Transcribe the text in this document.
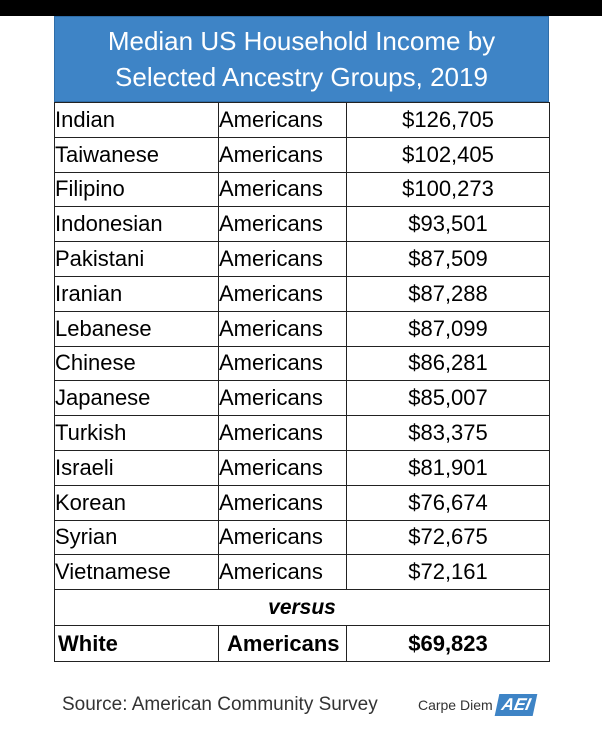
Median US Household Income by
Selected Ancestry Groups, 2019
Indian	Americans	$126,705
Taiwanese	Americans	$102,405
Filipino	Americans	$100,273
Indonesian	Americans	$93,501
Pakistani	Americans	$87,509
Iranian	Americans	$87,288
Lebanese	Americans	$87,099
Chinese	Americans	$86,281
Japanese	Americans	$85,007
Turkish	Americans	$83,375
Israeli	Americans	$81,901
Korean	Americans	$76,674
Syrian	Americans	$72,675
Vietnamese	Americans	$72,161
versus		
White	Americans	$69,823
Source: American Community Survey	Carpe Diem AEI
